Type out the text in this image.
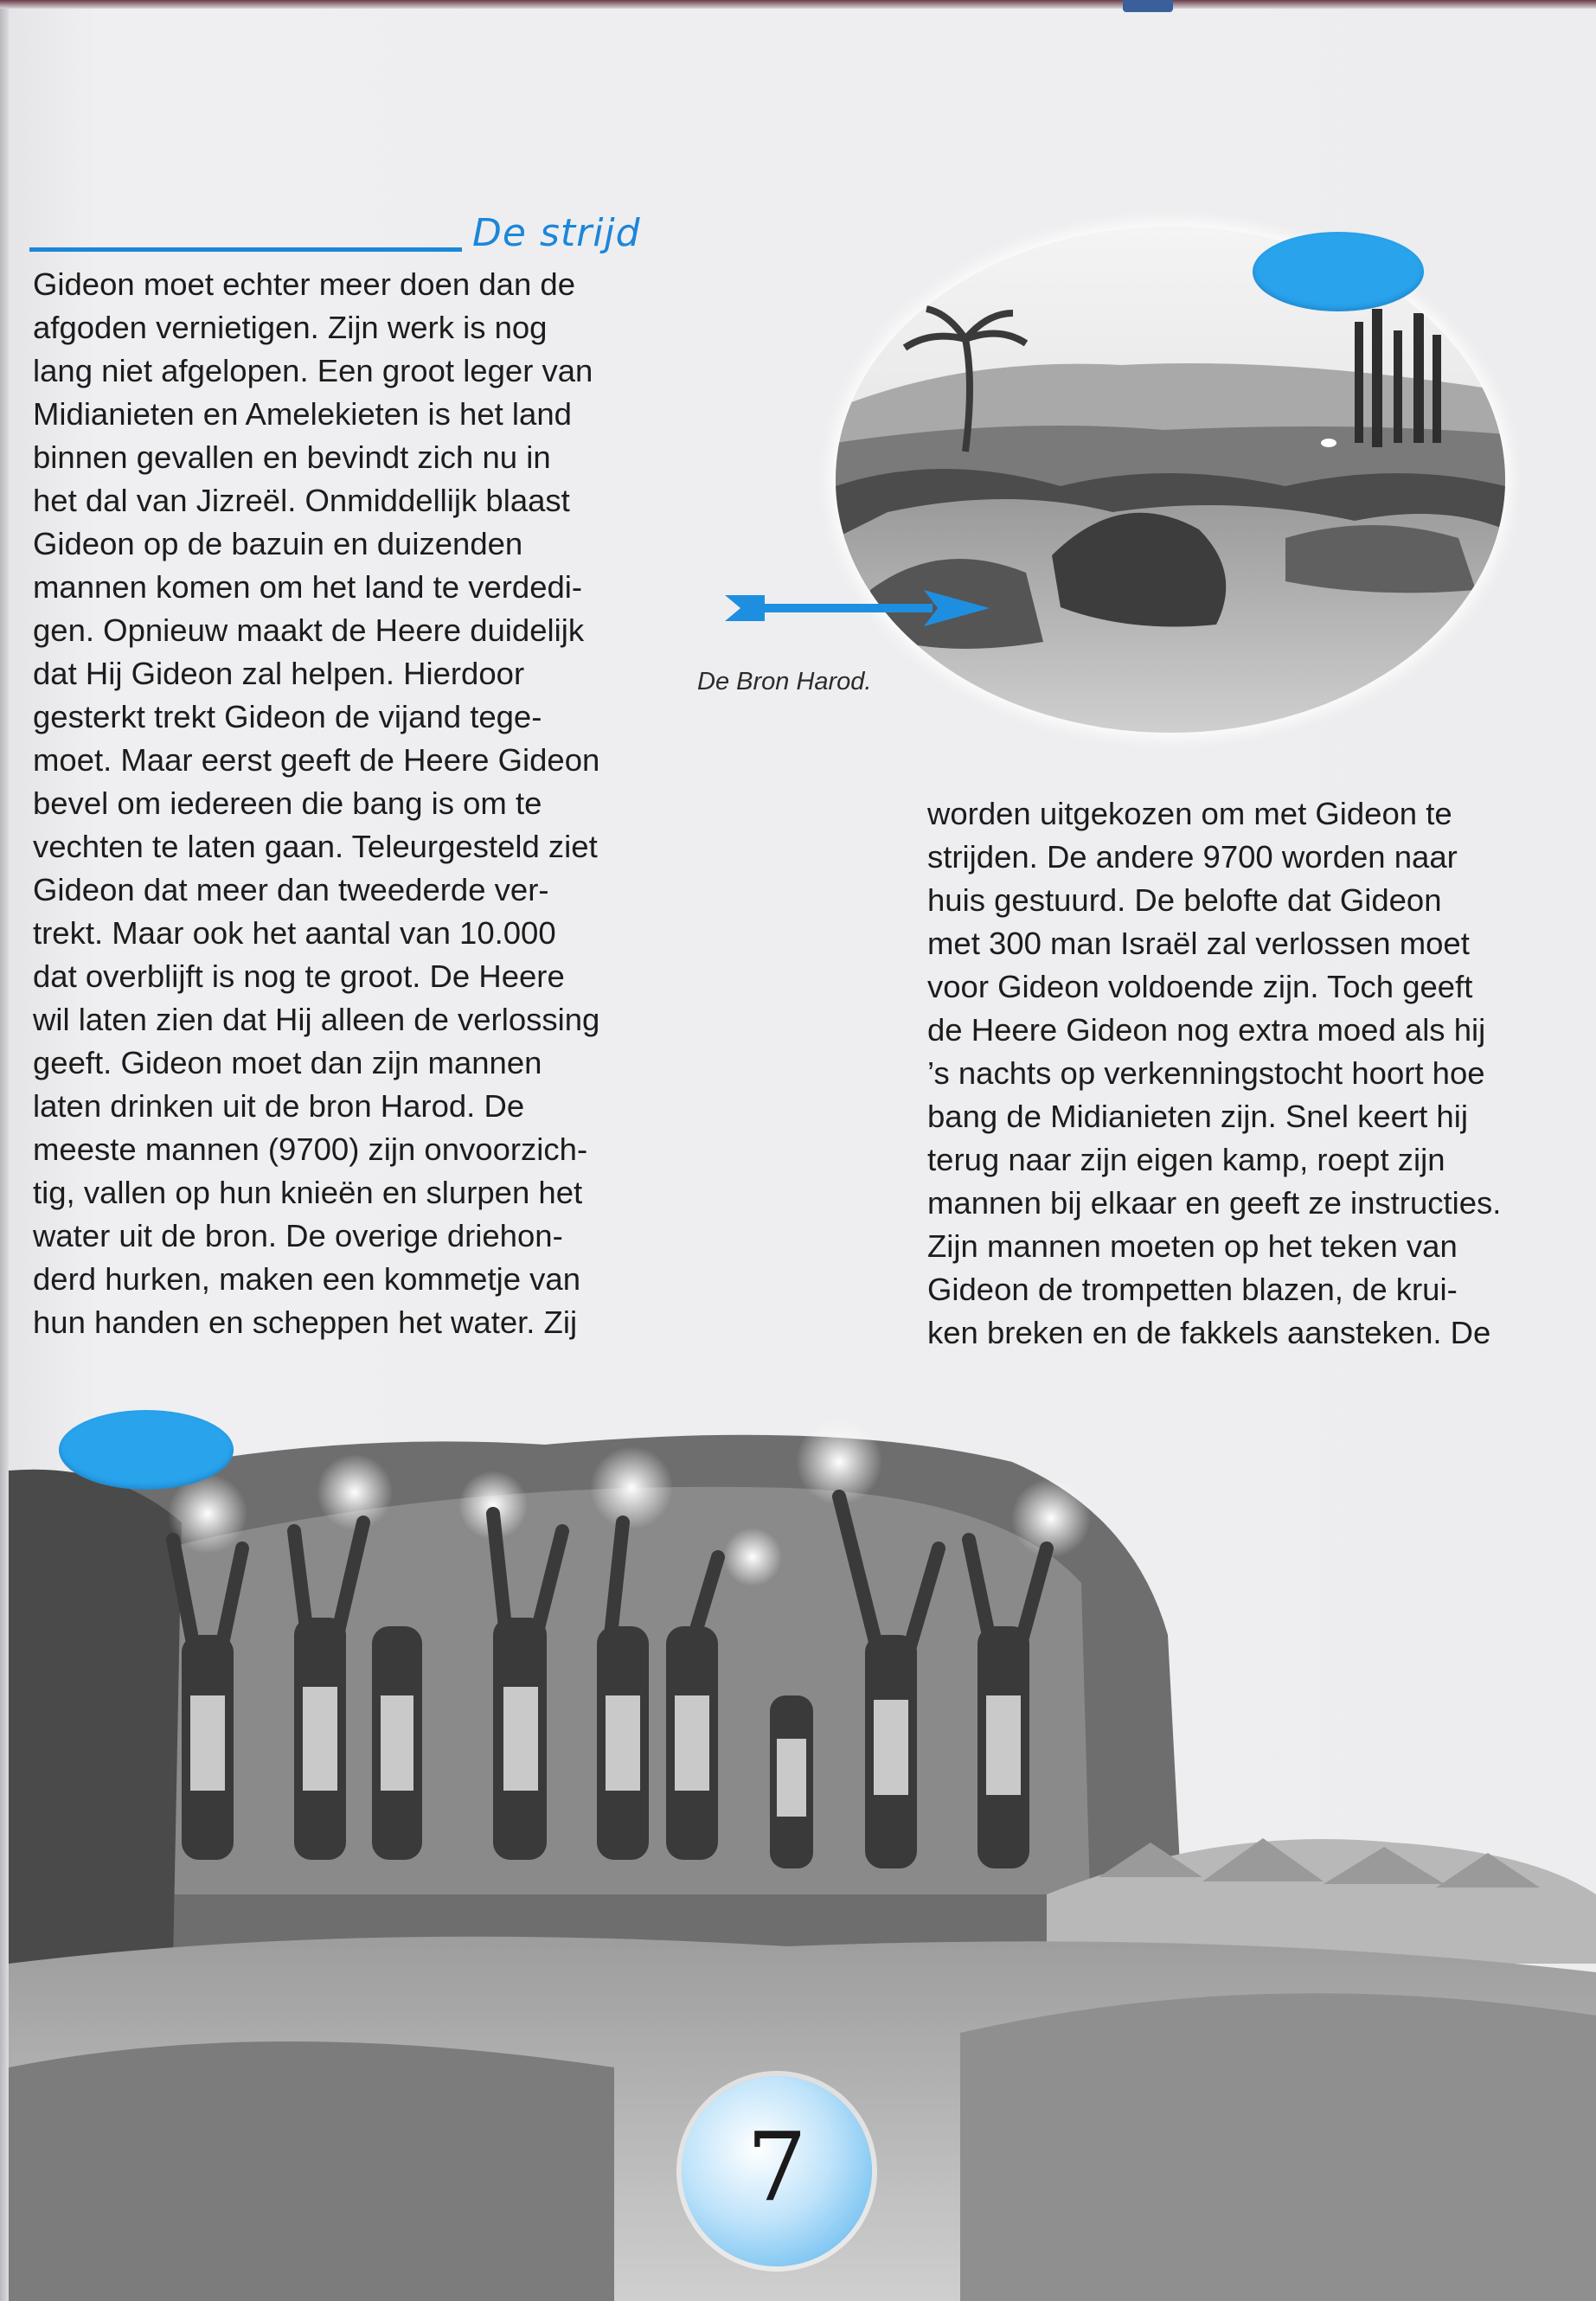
De strijd
Gideon moet echter meer doen dan de
afgoden vernietigen. Zijn werk is nog
lang niet afgelopen. Een groot leger van
Midianieten en Amelekieten is het land
binnen gevallen en bevindt zich nu in
het dal van Jizreël. Onmiddellijk blaast
Gideon op de bazuin en duizenden
mannen komen om het land te verdedi-
gen. Opnieuw maakt de Heere duidelijk
dat Hij Gideon zal helpen. Hierdoor
gesterkt trekt Gideon de vijand tege-
moet. Maar eerst geeft de Heere Gideon
bevel om iedereen die bang is om te
vechten te laten gaan. Teleurgesteld ziet
Gideon dat meer dan tweederde ver-
trekt. Maar ook het aantal van 10.000
dat overblijft is nog te groot. De Heere
wil laten zien dat Hij alleen de verlossing
geeft. Gideon moet dan zijn mannen
laten drinken uit de bron Harod. De
meeste mannen (9700) zijn onvoorzich-
tig, vallen op hun knieën en slurpen het
water uit de bron. De overige driehon-
derd hurken, maken een kommetje van
hun handen en scheppen het water. Zij
worden uitgekozen om met Gideon te
strijden. De andere 9700 worden naar
huis gestuurd. De belofte dat Gideon
met 300 man Israël zal verlossen moet
voor Gideon voldoende zijn. Toch geeft
de Heere Gideon nog extra moed als hij
’s nachts op verkenningstocht hoort hoe
bang de Midianieten zijn. Snel keert hij
terug naar zijn eigen kamp, roept zijn
mannen bij elkaar en geeft ze instructies.
Zijn mannen moeten op het teken van
Gideon de trompetten blazen, de krui-
ken breken en de fakkels aansteken. De
De Bron Harod.
7
